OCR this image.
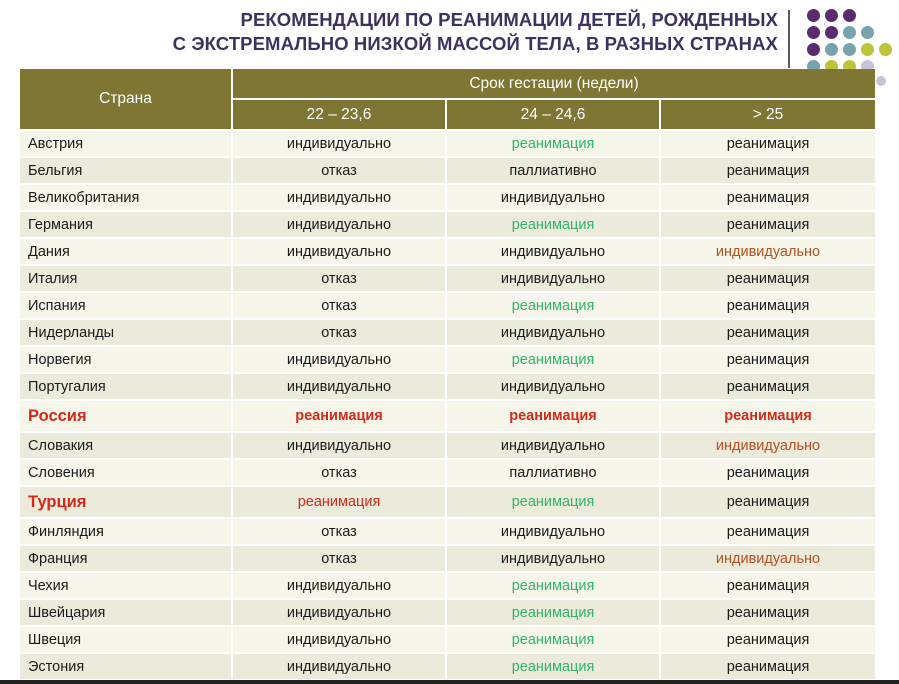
РЕКОМЕНДАЦИИ ПО РЕАНИМАЦИИ ДЕТЕЙ, РОЖДЕННЫХ
С ЭКСТРЕМАЛЬНО НИЗКОЙ МАССОЙ ТЕЛА, В РАЗНЫХ СТРАНАХ
Страна
Срок гестации (недели)
22 – 23,6	24 – 24,6	> 25
Австрия	индивидуально	реанимация	реанимация
Бельгия	отказ	паллиативно	реанимация
Великобритания	индивидуально	индивидуально	реанимация
Германия	индивидуально	реанимация	реанимация
Дания	индивидуально	индивидуально	индивидуально
Италия	отказ	индивидуально	реанимация
Испания	отказ	реанимация	реанимация
Нидерланды	отказ	индивидуально	реанимация
Норвегия	индивидуально	реанимация	реанимация
Португалия	индивидуально	индивидуально	реанимация
Россия	реанимация	реанимация	реанимация
Словакия	индивидуально	индивидуально	индивидуально
Словения	отказ	паллиативно	реанимация
Турция	реанимация	реанимация	реанимация
Финляндия	отказ	индивидуально	реанимация
Франция	отказ	индивидуально	индивидуально
Чехия	индивидуально	реанимация	реанимация
Швейцария	индивидуально	реанимация	реанимация
Швеция	индивидуально	реанимация	реанимация
Эстония	индивидуально	реанимация	реанимация
